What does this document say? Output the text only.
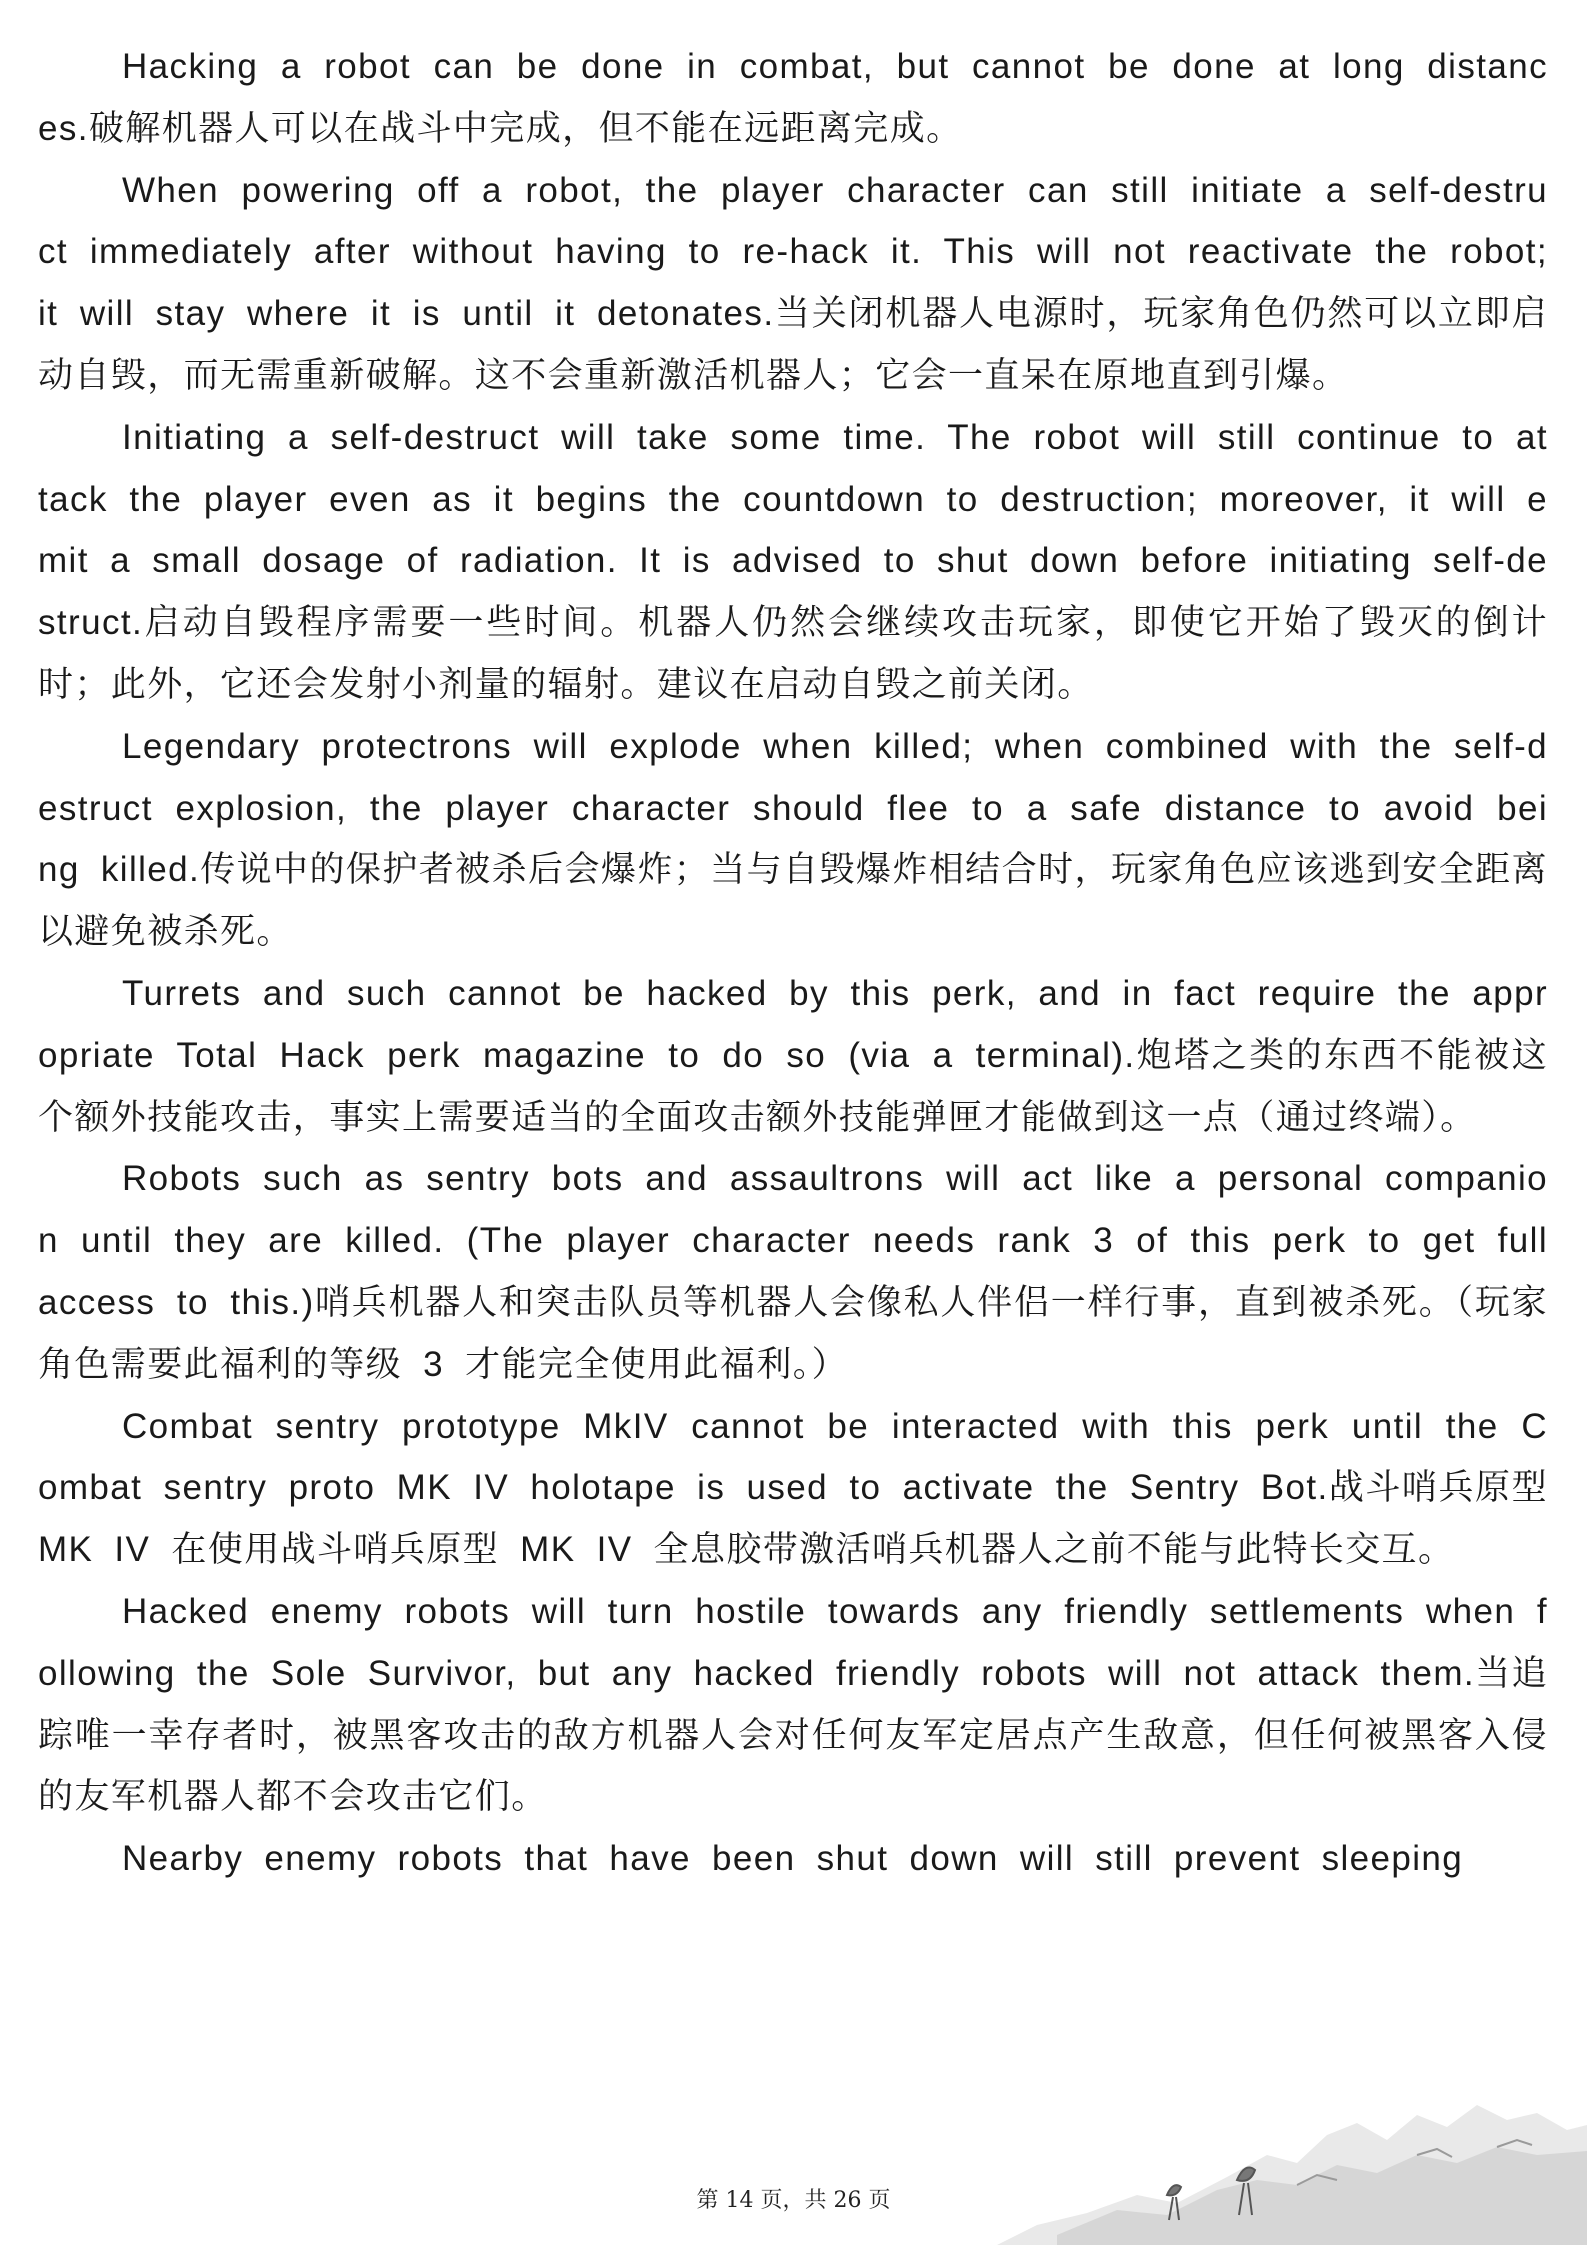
Hacking a robot can be done in combat, but cannot be done at long distances.破解机器人可以在战斗中完成，但不能在远距离完成。

When powering off a robot, the player character can still initiate a self-destruct immediately after without having to re-hack it. This will not reactivate the robot; it will stay where it is until it detonates.当关闭机器人电源时，玩家角色仍然可以立即启动自毁，而无需重新破解。这不会重新激活机器人；它会一直呆在原地直到引爆。

Initiating a self-destruct will take some time. The robot will still continue to attack the player even as it begins the countdown to destruction; moreover, it will emit a small dosage of radiation. It is advised to shut down before initiating self-destruct.启动自毁程序需要一些时间。机器人仍然会继续攻击玩家，即使它开始了毁灭的倒计时；此外，它还会发射小剂量的辐射。建议在启动自毁之前关闭。

Legendary protectrons will explode when killed; when combined with the self-destruct explosion, the player character should flee to a safe distance to avoid being killed.传说中的保护者被杀后会爆炸；当与自毁爆炸相结合时，玩家角色应该逃到安全距离以避免被杀死。

Turrets and such cannot be hacked by this perk, and in fact require the appropriate Total Hack perk magazine to do so (via a terminal).炮塔之类的东西不能被这个额外技能攻击，事实上需要适当的全面攻击额外技能弹匣才能做到这一点（通过终端）。

Robots such as sentry bots and assaultrons will act like a personal companion until they are killed. (The player character needs rank 3 of this perk to get full access to this.)哨兵机器人和突击队员等机器人会像私人伴侣一样行事，直到被杀死。（玩家角色需要此福利的等级 3 才能完全使用此福利。）

Combat sentry prototype MkIV cannot be interacted with this perk until the Combat sentry proto MK IV holotape is used to activate the Sentry Bot.战斗哨兵原型 MK IV 在使用战斗哨兵原型 MK IV 全息胶带激活哨兵机器人之前不能与此特长交互。

Hacked enemy robots will turn hostile towards any friendly settlements when following the Sole Survivor, but any hacked friendly robots will not attack them.当追踪唯一幸存者时，被黑客攻击的敌方机器人会对任何友军定居点产生敌意，但任何被黑客入侵的友军机器人都不会攻击它们。

Nearby enemy robots that have been shut down will still prevent sleeping

第 14 页，共 26 页
